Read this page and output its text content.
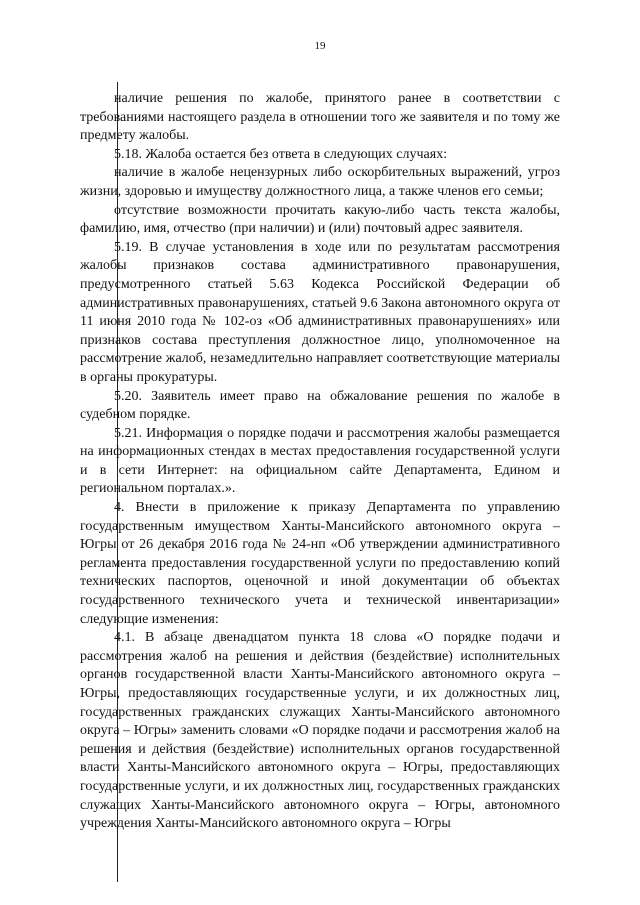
19

наличие решения по жалобе, принятого ранее в соответствии с требованиями настоящего раздела в отношении того же заявителя и по тому же предмету жалобы.

5.18. Жалоба остается без ответа в следующих случаях:

наличие в жалобе нецензурных либо оскорбительных выражений, угроз жизни, здоровью и имуществу должностного лица, а также членов его семьи;

отсутствие возможности прочитать какую-либо часть текста жалобы, фамилию, имя, отчество (при наличии) и (или) почтовый адрес заявителя.

5.19. В случае установления в ходе или по результатам рассмотрения жалобы признаков состава административного правонарушения, предусмотренного статьей 5.63 Кодекса Российской Федерации об административных правонарушениях, статьей 9.6 Закона автономного округа от 11 июня 2010 года № 102-оз «Об административных правонарушениях» или признаков состава преступления должностное лицо, уполномоченное на рассмотрение жалоб, незамедлительно направляет соответствующие материалы в органы прокуратуры.

5.20. Заявитель имеет право на обжалование решения по жалобе в судебном порядке.

5.21. Информация о порядке подачи и рассмотрения жалобы размещается на информационных стендах в местах предоставления государственной услуги и в сети Интернет: на официальном сайте Департамента, Едином и региональном порталах.».

4. Внести в приложение к приказу Департамента по управлению государственным имуществом Ханты-Мансийского автономного округа – Югры от 26 декабря 2016 года № 24-нп «Об утверждении административного регламента предоставления государственной услуги по предоставлению копий технических паспортов, оценочной и иной документации об объектах государственного технического учета и технической инвентаризации» следующие изменения:

4.1. В абзаце двенадцатом пункта 18 слова «О порядке подачи и рассмотрения жалоб на решения и действия (бездействие) исполнительных органов государственной власти Ханты-Мансийского автономного округа – Югры, предоставляющих государственные услуги, и их должностных лиц, государственных гражданских служащих Ханты-Мансийского автономного округа – Югры» заменить словами «О порядке подачи и рассмотрения жалоб на решения и действия (бездействие) исполнительных органов государственной власти Ханты-Мансийского автономного округа – Югры, предоставляющих государственные услуги, и их должностных лиц, государственных гражданских служащих Ханты-Мансийского автономного округа – Югры, автономного учреждения Ханты-Мансийского автономного округа – Югры
